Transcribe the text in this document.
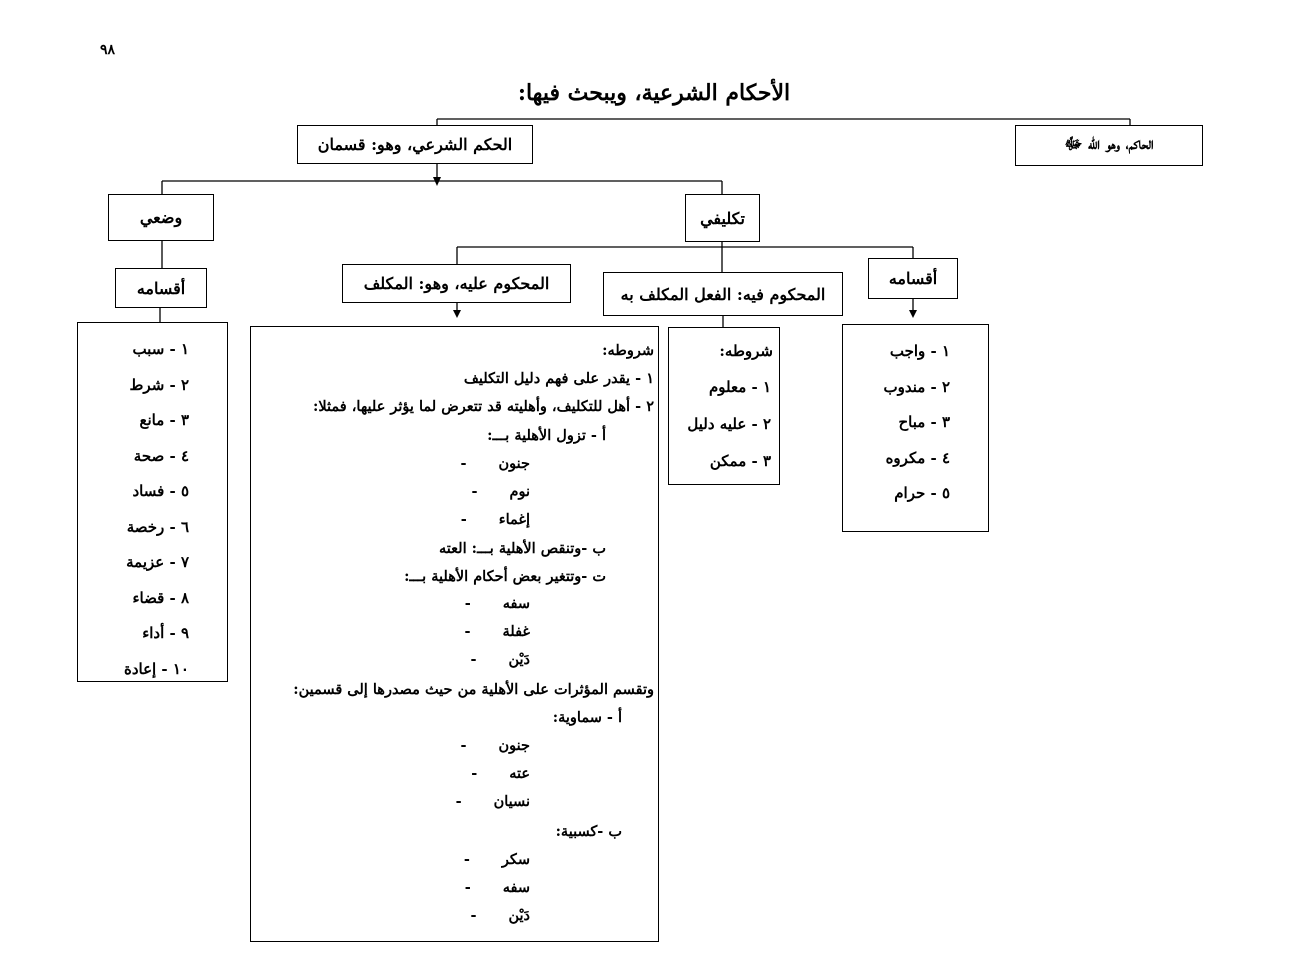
٩٨
الأحكام الشرعية، ويبحث فيها:
الحاكم، وهو الله ﷻ
الحكم الشرعي، وهو: قسمان
وضعي	تكليفي
أقسامه	المحكوم عليه، وهو: المكلف
المحكوم فيه: الفعل المكلف به
أقسامه
١ - سبب
٢ - شرط
٣ - مانع
٤ - صحة
٥ - فساد
٦ - رخصة
٧ - عزيمة
٨ - قضاء
٩ - أداء
١٠ - إعادة
١ - واجب
٢ - مندوب
٣ - مباح
٤ - مكروه
٥ - حرام
شروطه:
١ - معلوم
٢ - عليه دليل
٣ - ممكن
شروطه:
١ - يقدر على فهم دليل التكليف
٢ - أهل للتكليف، وأهليته قد تتعرض لما يؤثر عليها، فمثلا:
أ - تزول الأهلية بـــ:
جنون
-
نوم
-
إغماء
-
ب -وتنقص الأهلية بـــ: العته
ت -وتتغير بعض أحكام الأهلية بـــ:
سفه
-
غفلة
-
دَيْن
-
وتقسم المؤثرات على الأهلية من حيث مصدرها إلى قسمين:
أ - سماوية:
جنون
-
عته
-
نسيان
-
ب -كسبية:
سكر
-
سفه
-
دَيْن
-
